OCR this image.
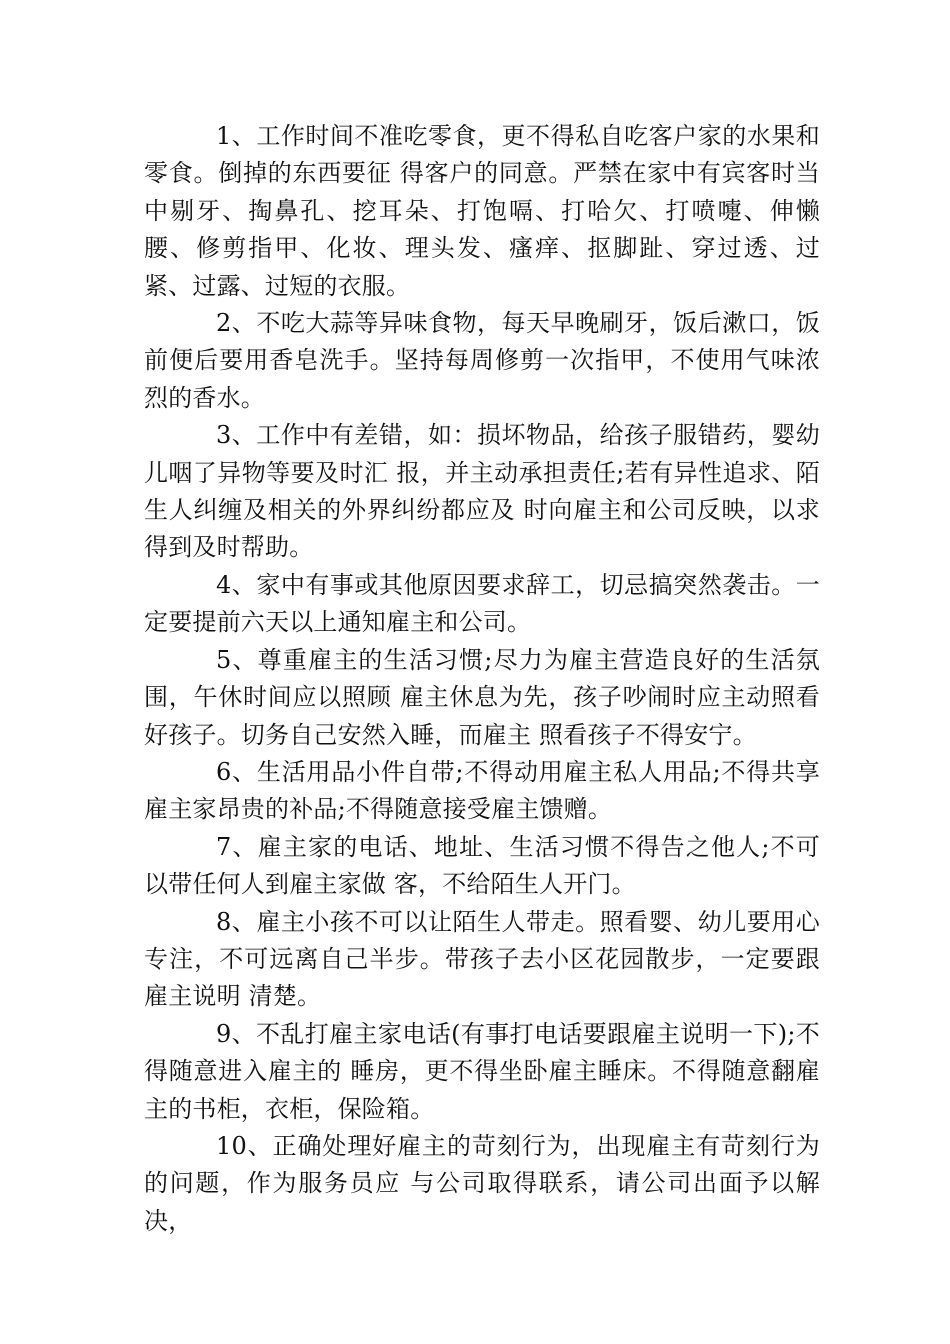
1、工作时间不准吃零食，更不得私自吃客户家的水果和零食。倒掉的东西要征 得客户的同意。严禁在家中有宾客时当中剔牙、掏鼻孔、挖耳朵、打饱嗝、打哈欠、打喷嚏、伸懒腰、修剪指甲、化妆、理头发、瘙痒、抠脚趾、穿过透、过紧、过露、过短的衣服。

2、不吃大蒜等异味食物，每天早晚刷牙，饭后漱口，饭前便后要用香皂洗手。坚持每周修剪一次指甲，不使用气味浓烈的香水。

3、工作中有差错，如：损坏物品，给孩子服错药，婴幼儿咽了异物等要及时汇 报，并主动承担责任;若有异性追求、陌生人纠缠及相关的外界纠纷都应及 时向雇主和公司反映，以求得到及时帮助。

4、家中有事或其他原因要求辞工，切忌搞突然袭击。一定要提前六天以上通知雇主和公司。

5、尊重雇主的生活习惯;尽力为雇主营造良好的生活氛围，午休时间应以照顾 雇主休息为先，孩子吵闹时应主动照看好孩子。切务自己安然入睡，而雇主 照看孩子不得安宁。

6、生活用品小件自带;不得动用雇主私人用品;不得共享雇主家昂贵的补品;不得随意接受雇主馈赠。

7、雇主家的电话、地址、生活习惯不得告之他人;不可以带任何人到雇主家做 客，不给陌生人开门。

8、雇主小孩不可以让陌生人带走。照看婴、幼儿要用心专注，不可远离自己半步。带孩子去小区花园散步，一定要跟雇主说明 清楚。

9、不乱打雇主家电话(有事打电话要跟雇主说明一下);不得随意进入雇主的 睡房，更不得坐卧雇主睡床。不得随意翻雇主的书柜，衣柜，保险箱。

10、正确处理好雇主的苛刻行为，出现雇主有苛刻行为的问题，作为服务员应 与公司取得联系，请公司出面予以解决，
